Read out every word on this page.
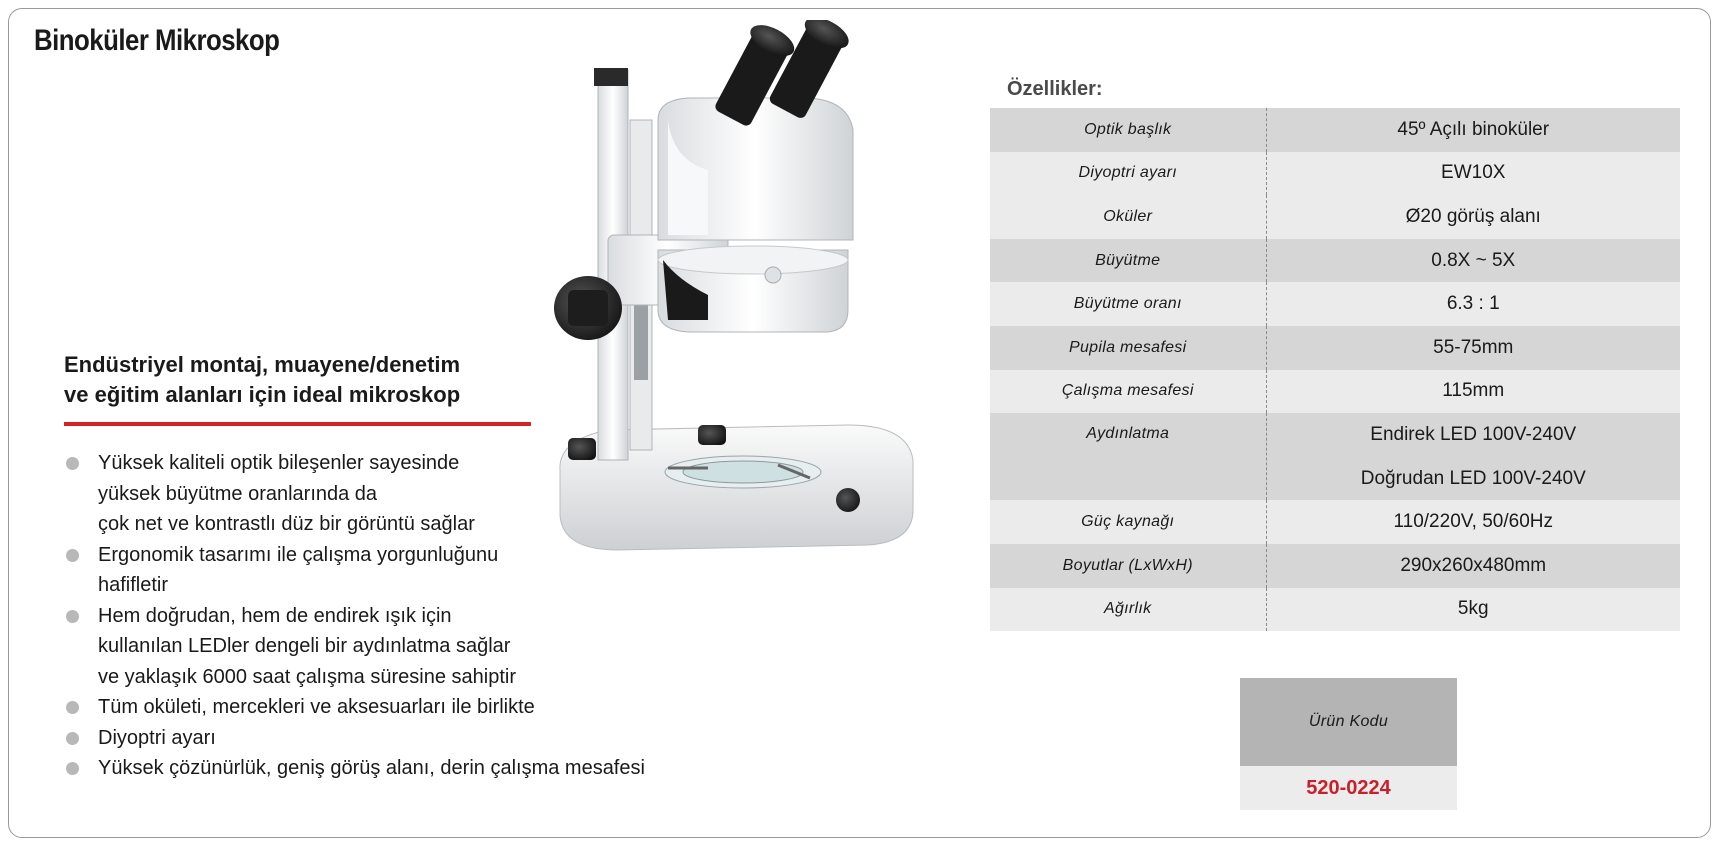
Binoküler Mikroskop
Endüstriyel montaj, muayene/denetim
ve eğitim alanları için ideal mikroskop
Yüksek kaliteli optik bileşenler sayesinde
yüksek büyütme oranlarında da
çok net ve kontrastlı düz bir görüntü sağlar
Ergonomik tasarımı ile çalışma yorgunluğunu
hafifletir
Hem doğrudan, hem de endirek ışık için
kullanılan LEDler dengeli bir aydınlatma sağlar
ve yaklaşık 6000 saat çalışma süresine sahiptir
Tüm okületi, mercekleri ve aksesuarları ile birlikte
Diyoptri ayarı
Yüksek çözünürlük, geniş görüş alanı, derin çalışma mesafesi
Özellikler:
Optik başlık	45º Açılı binoküler
Diyoptri ayarı	EW10X
Oküler	Ø20 görüş alanı
Büyütme	0.8X ~ 5X
Büyütme oranı	6.3 : 1
Pupila mesafesi	55-75mm
Çalışma mesafesi	115mm
Aydınlatma	Endirek LED 100V-240V
Doğrudan LED 100V-240V

Güç kaynağı	110/220V, 50/60Hz
Boyutlar (LxWxH)	290x260x480mm
Ağırlık	5kg
Ürün Kodu
520-0224
